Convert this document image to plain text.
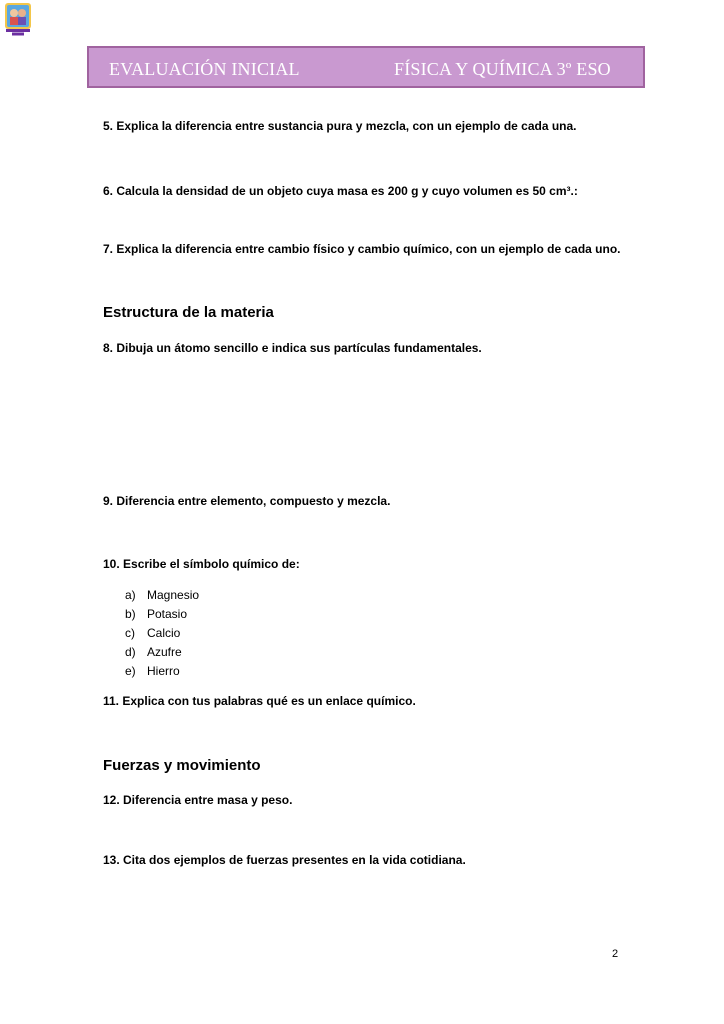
EVALUACIÓN INICIAL	FÍSICA Y QUÍMICA 3º ESO
5. Explica la diferencia entre sustancia pura y mezcla, con un ejemplo de cada una.
6. Calcula la densidad de un objeto cuya masa es 200 g y cuyo volumen es 50 cm³.:
7. Explica la diferencia entre cambio físico y cambio químico, con un ejemplo de cada uno.
Estructura de la materia
8. Dibuja un átomo sencillo e indica sus partículas fundamentales.
9. Diferencia entre elemento, compuesto y mezcla.
10. Escribe el símbolo químico de:
a) Magnesio
b) Potasio
c) Calcio
d) Azufre
e) Hierro
11. Explica con tus palabras qué es un enlace químico.
Fuerzas y movimiento
12. Diferencia entre masa y peso.
13. Cita dos ejemplos de fuerzas presentes en la vida cotidiana.
2
